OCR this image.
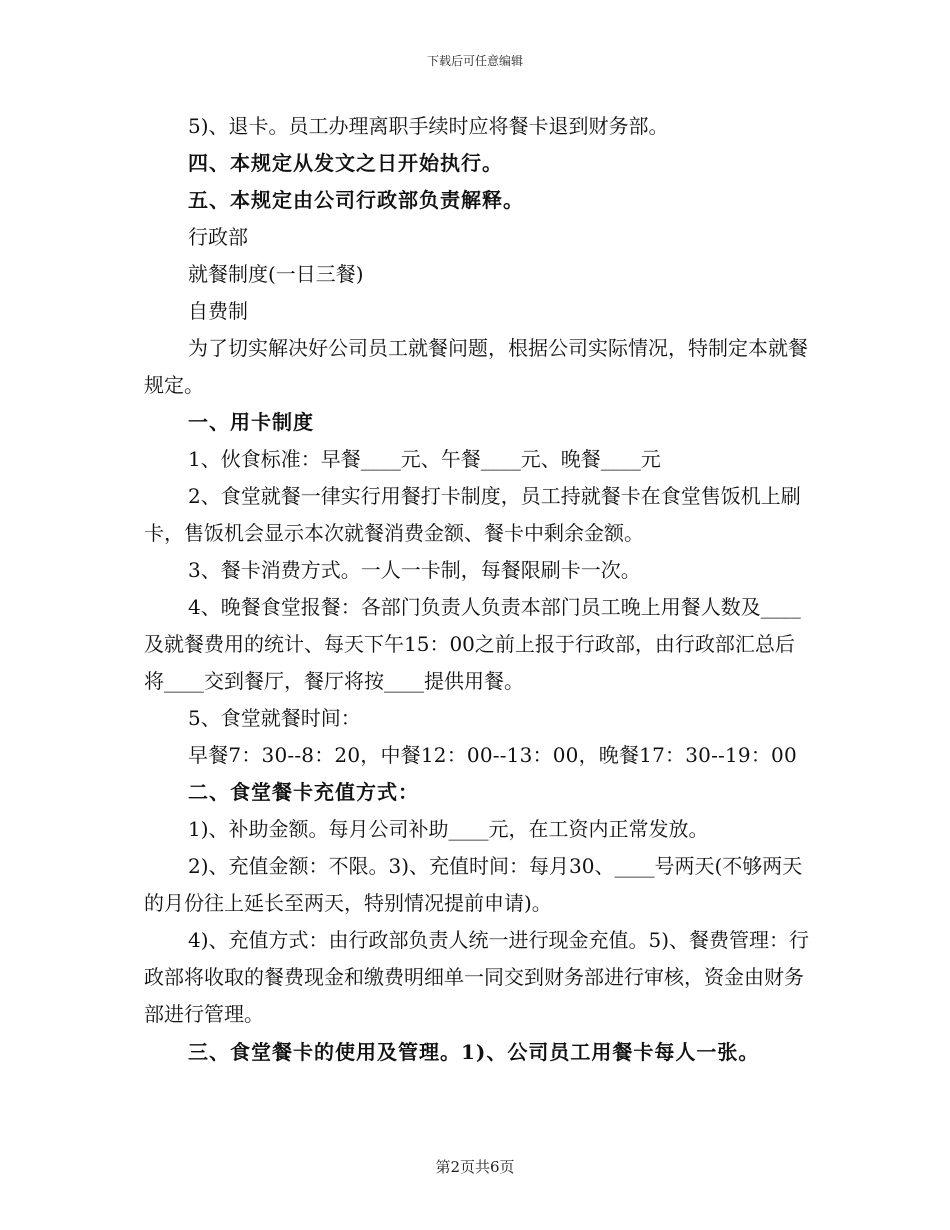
下载后可任意编辑

5)、退卡。员工办理离职手续时应将餐卡退到财务部。

四、本规定从发文之日开始执行。

五、本规定由公司行政部负责解释。

行政部

就餐制度(一日三餐)

自费制

为了切实解决好公司员工就餐问题，根据公司实际情况，特制定本就餐规定。

一、用卡制度

1、伙食标准：早餐____元、午餐____元、晚餐____元

2、食堂就餐一律实行用餐打卡制度，员工持就餐卡在食堂售饭机上刷卡，售饭机会显示本次就餐消费金额、餐卡中剩余金额。

3、餐卡消费方式。一人一卡制，每餐限刷卡一次。

4、晚餐食堂报餐：各部门负责人负责本部门员工晚上用餐人数及____及就餐费用的统计、每天下午15：00之前上报于行政部，由行政部汇总后将____交到餐厅，餐厅将按____提供用餐。

5、食堂就餐时间：

早餐7：30--8：20，中餐12：00--13：00，晚餐17：30--19：00

二、食堂餐卡充值方式：

1)、补助金额。每月公司补助____元，在工资内正常发放。

2)、充值金额：不限。3)、充值时间：每月30、____号两天(不够两天的月份往上延长至两天，特别情况提前申请)。

4)、充值方式：由行政部负责人统一进行现金充值。5)、餐费管理：行政部将收取的餐费现金和缴费明细单一同交到财务部进行审核，资金由财务部进行管理。

三、食堂餐卡的使用及管理。1)、公司员工用餐卡每人一张。

第2页共6页
